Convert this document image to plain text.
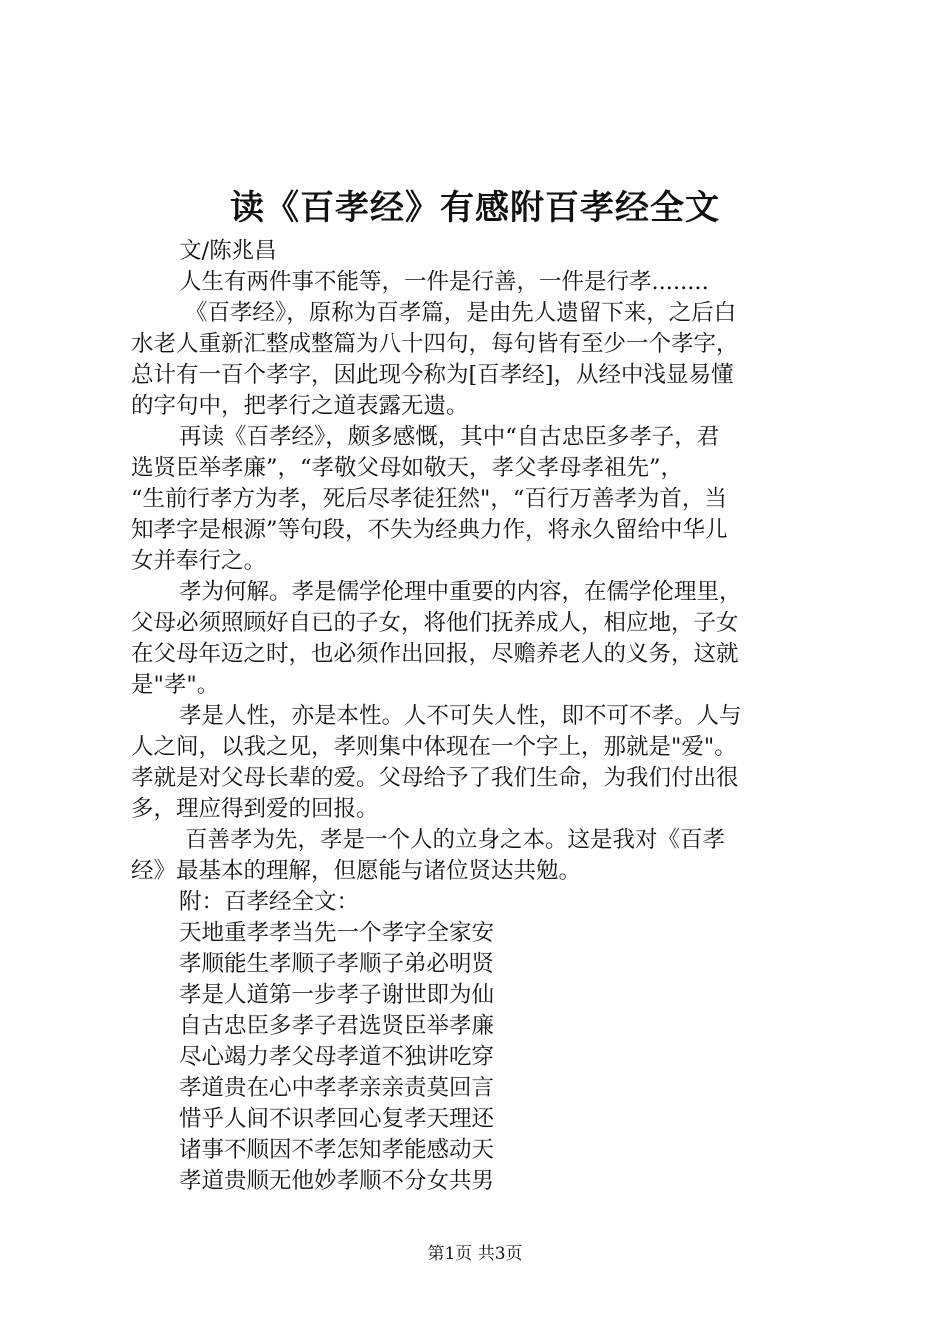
读《百孝经》有感附百孝经全文
文/陈兆昌
人生有两件事不能等，一件是行善，一件是行孝........
《百孝经》，原称为百孝篇，是由先人遗留下来，之后白
水老人重新汇整成整篇为八十四句，每句皆有至少一个孝字，
总计有一百个孝字，因此现今称为[百孝经]，从经中浅显易懂
的字句中，把孝行之道表露无遗。
再读《百孝经》，颇多感慨，其中“自古忠臣多孝子，君
选贤臣举孝廉”，“孝敬父母如敬天，孝父孝母孝祖先”，
“生前行孝方为孝，死后尽孝徒狂然"，“百行万善孝为首，当
知孝字是根源”等句段，不失为经典力作，将永久留给中华儿
女并奉行之。
孝为何解。孝是儒学伦理中重要的内容，在儒学伦理里，
父母必须照顾好自已的子女，将他们抚养成人，相应地，子女
在父母年迈之时，也必须作出回报，尽赡养老人的义务，这就
是"孝"。
孝是人性，亦是本性。人不可失人性，即不可不孝。人与
人之间，以我之见，孝则集中体现在一个字上，那就是"爱"。
孝就是对父母长辈的爱。父母给予了我们生命，为我们付出很
多，理应得到爱的回报。
百善孝为先，孝是一个人的立身之本。这是我对《百孝
经》最基本的理解，但愿能与诸位贤达共勉。
附：百孝经全文：
天地重孝孝当先一个孝字全家安
孝顺能生孝顺子孝顺子弟必明贤
孝是人道第一步孝子谢世即为仙
自古忠臣多孝子君选贤臣举孝廉
尽心竭力孝父母孝道不独讲吃穿
孝道贵在心中孝孝亲亲责莫回言
惜乎人间不识孝回心复孝天理还
诸事不顺因不孝怎知孝能感动天
孝道贵顺无他妙孝顺不分女共男
第1页 共3页
